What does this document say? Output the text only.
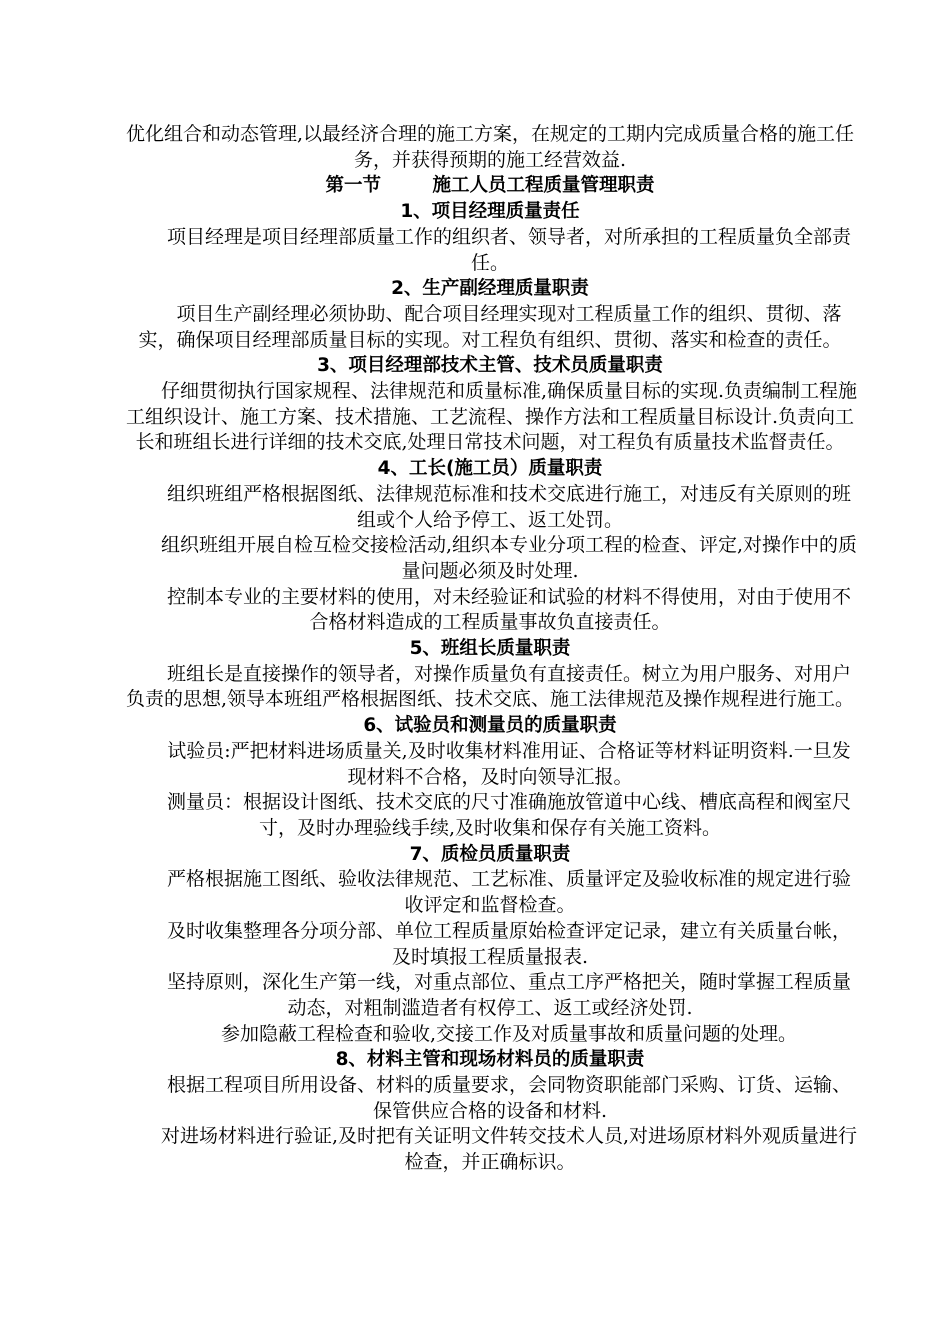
优化组合和动态管理,以最经济合理的施工方案，在规定的工期内完成质量合格的施工任务，并获得预期的施工经营效益.

第一节	施工人员工程质量管理职责

1、项目经理质量责任

项目经理是项目经理部质量工作的组织者、领导者，对所承担的工程质量负全部责任。

2、生产副经理质量职责

项目生产副经理必须协助、配合项目经理实现对工程质量工作的组织、贯彻、落实，确保项目经理部质量目标的实现。对工程负有组织、贯彻、落实和检查的责任。

3、项目经理部技术主管、技术员质量职责

仔细贯彻执行国家规程、法律规范和质量标准,确保质量目标的实现.负责编制工程施工组织设计、施工方案、技术措施、工艺流程、操作方法和工程质量目标设计.负责向工长和班组长进行详细的技术交底,处理日常技术问题，对工程负有质量技术监督责任。

4、工长(施工员）质量职责

组织班组严格根据图纸、法律规范标准和技术交底进行施工，对违反有关原则的班组或个人给予停工、返工处罚。

组织班组开展自检互检交接检活动,组织本专业分项工程的检查、评定,对操作中的质量问题必须及时处理.

控制本专业的主要材料的使用，对未经验证和试验的材料不得使用，对由于使用不合格材料造成的工程质量事故负直接责任。

5、班组长质量职责

班组长是直接操作的领导者，对操作质量负有直接责任。树立为用户服务、对用户负责的思想,领导本班组严格根据图纸、技术交底、施工法律规范及操作规程进行施工。

6、试验员和测量员的质量职责

试验员:严把材料进场质量关,及时收集材料准用证、合格证等材料证明资料.一旦发现材料不合格，及时向领导汇报。

测量员：根据设计图纸、技术交底的尺寸准确施放管道中心线、槽底高程和阀室尺寸，及时办理验线手续,及时收集和保存有关施工资料。

7、质检员质量职责

严格根据施工图纸、验收法律规范、工艺标准、质量评定及验收标准的规定进行验收评定和监督检查。

及时收集整理各分项分部、单位工程质量原始检查评定记录，建立有关质量台帐，及时填报工程质量报表.

坚持原则，深化生产第一线，对重点部位、重点工序严格把关，随时掌握工程质量动态，对粗制滥造者有权停工、返工或经济处罚.

参加隐蔽工程检查和验收,交接工作及对质量事故和质量问题的处理。

8、材料主管和现场材料员的质量职责

根据工程项目所用设备、材料的质量要求，会同物资职能部门采购、订货、运输、保管供应合格的设备和材料.

对进场材料进行验证,及时把有关证明文件转交技术人员,对进场原材料外观质量进行检查，并正确标识。
